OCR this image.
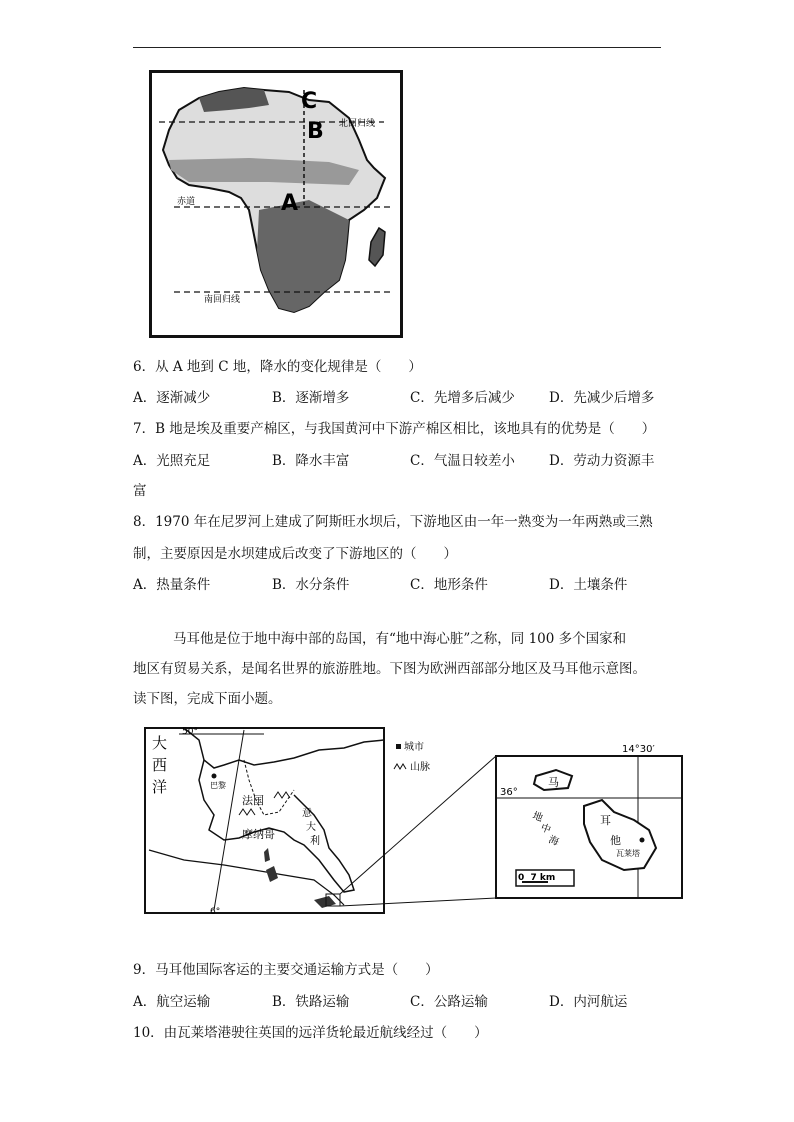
C
B
A
北回归线
赤道
南回归线
6．从 A 地到 C 地，降水的变化规律是（　　）
A．逐渐减少	B．逐渐增多	C．先增多后减少	D．先减少后增多
7．B 地是埃及重要产棉区，与我国黄河中下游产棉区相比，该地具有的优势是（　　）
A．光照充足	B．降水丰富	C．气温日较差小	D．劳动力资源丰
富
8．1970 年在尼罗河上建成了阿斯旺水坝后，下游地区由一年一熟变为一年两熟或三熟
制，主要原因是水坝建成后改变了下游地区的（　　）
A．热量条件	B．水分条件	C．地形条件	D．土壤条件
马耳他是位于地中海中部的岛国，有“地中海心脏”之称，同 100 多个国家和
地区有贸易关系，是闻名世界的旅游胜地。下图为欧洲西部部分地区及马耳他示意图。
读下图，完成下面小题。
50°
大
西
洋	巴黎
法国
摩纳哥
意
大
利
6°
城市
山脉
14°30′
36°
地
中
海
马
耳
他
瓦莱塔
0  7 km
9．马耳他国际客运的主要交通运输方式是（　　）
A．航空运输	B．铁路运输	C．公路运输	D．内河航运
10．由瓦莱塔港驶往英国的远洋货轮最近航线经过（　　）
